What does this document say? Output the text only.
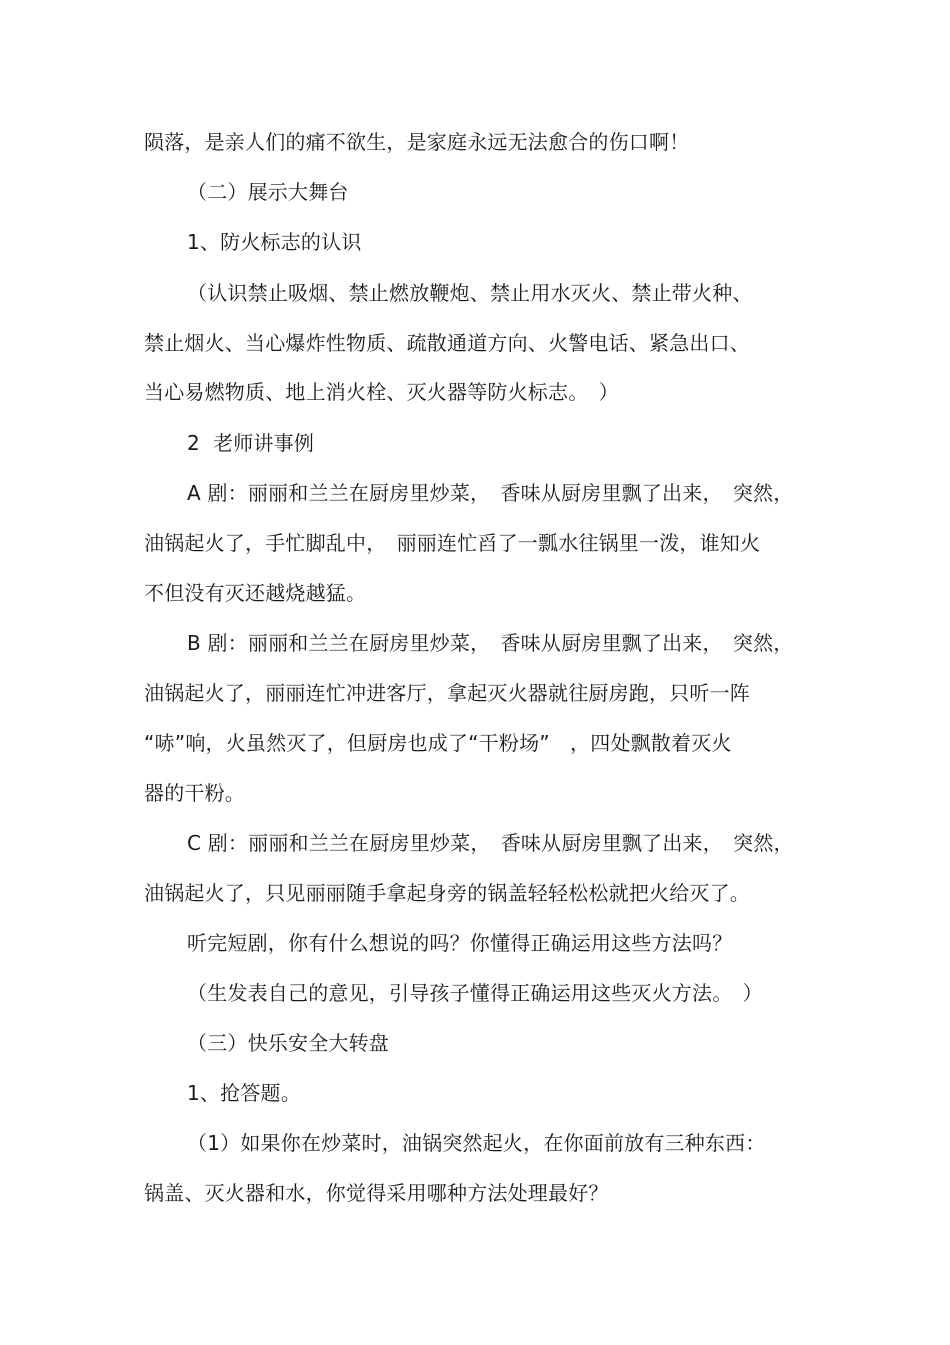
陨落，是亲人们的痛不欲生，是家庭永远无法愈合的伤口啊！
（二）展示大舞台
1、防火标志的认识
（认识禁止吸烟、禁止燃放鞭炮、禁止用水灭火、禁止带火种、
禁止烟火、当心爆炸性物质、疏散通道方向、火警电话、紧急出口、
当心易燃物质、地上消火栓、灭火器等防火标志。　）
2  老师讲事例
A 剧：丽丽和兰兰在厨房里炒菜，　香味从厨房里飘了出来，　突然，
油锅起火了，手忙脚乱中，　丽丽连忙舀了一瓢水往锅里一泼，谁知火
不但没有灭还越烧越猛。
B 剧：丽丽和兰兰在厨房里炒菜，　香味从厨房里飘了出来，　突然，
油锅起火了，丽丽连忙冲进客厅，拿起灭火器就往厨房跑，只听一阵
“哧”响，火虽然灭了，但厨房也成了“干粉场”　，四处飘散着灭火
器的干粉。
C 剧：丽丽和兰兰在厨房里炒菜，　香味从厨房里飘了出来，　突然，
油锅起火了，只见丽丽随手拿起身旁的锅盖轻轻松松就把火给灭了。
听完短剧，你有什么想说的吗？你懂得正确运用这些方法吗？
（生发表自己的意见，引导孩子懂得正确运用这些灭火方法。　）
（三）快乐安全大转盘
1、抢答题。
（1）如果你在炒菜时，油锅突然起火，在你面前放有三种东西：
锅盖、灭火器和水，你觉得采用哪种方法处理最好？
